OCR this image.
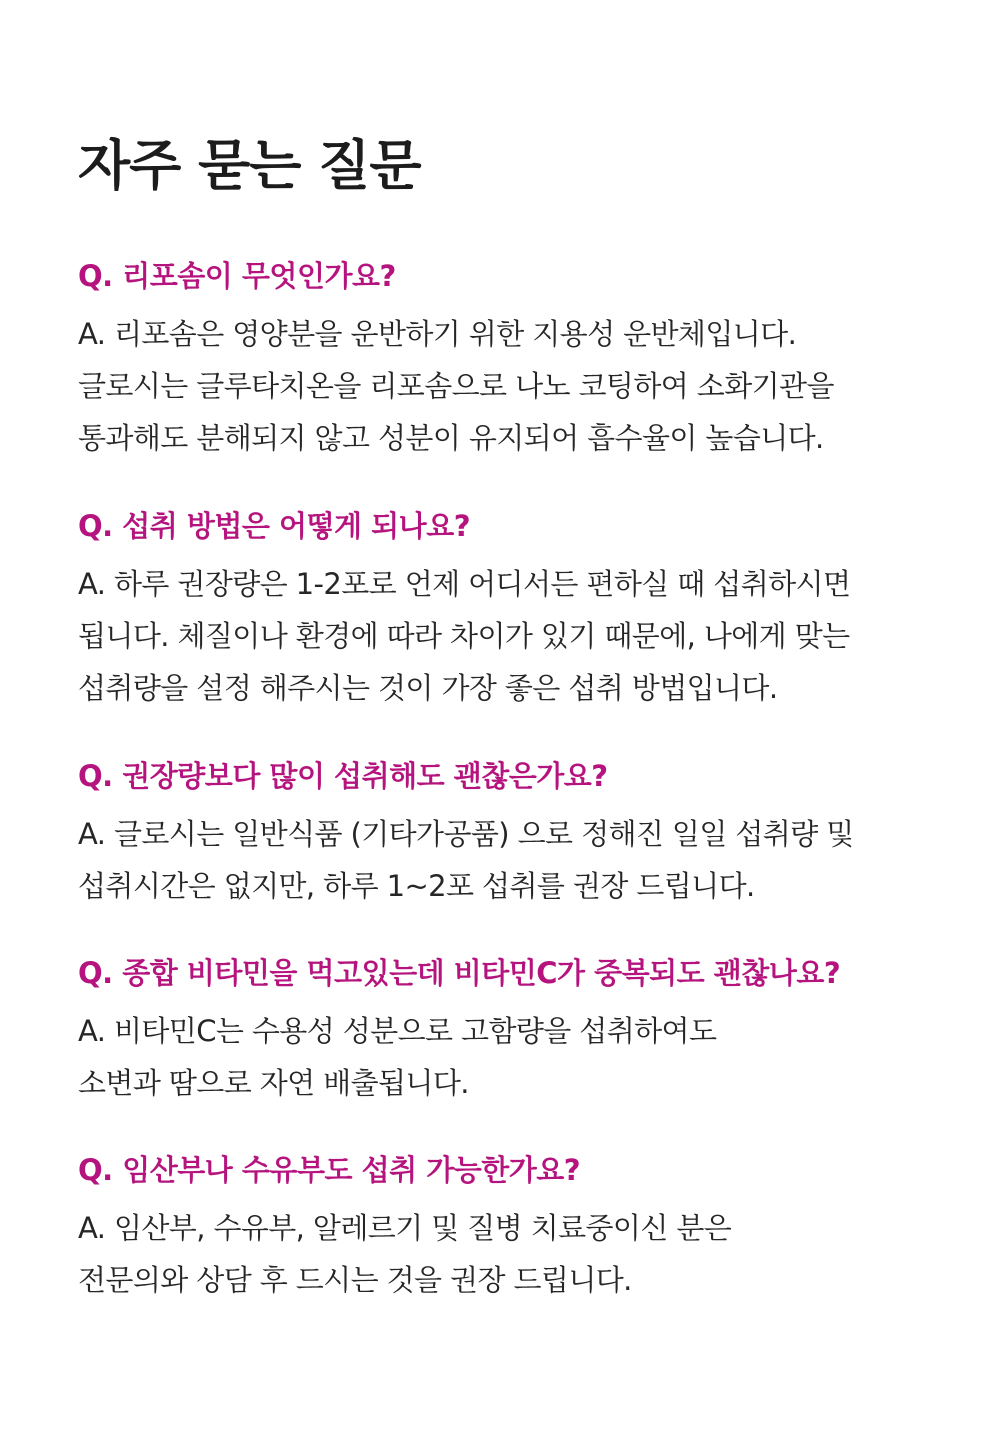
자주 묻는 질문
Q. 리포솜이 무엇인가요?

A. 리포솜은 영양분을 운반하기 위한 지용성 운반체입니다.
글로시는 글루타치온을 리포솜으로 나노 코팅하여 소화기관을
통과해도 분해되지 않고 성분이 유지되어 흡수율이 높습니다.

Q. 섭취 방법은 어떻게 되나요?

A. 하루 권장량은 1-2포로 언제 어디서든 편하실 때 섭취하시면
됩니다. 체질이나 환경에 따라 차이가 있기 때문에, 나에게 맞는
섭취량을 설정 해주시는 것이 가장 좋은 섭취 방법입니다.

Q. 권장량보다 많이 섭취해도 괜찮은가요?

A. 글로시는 일반식품 (기타가공품) 으로 정해진 일일 섭취량 및
섭취시간은 없지만, 하루 1~2포 섭취를 권장 드립니다.

Q. 종합 비타민을 먹고있는데 비타민C가 중복되도 괜찮나요?

A. 비타민C는 수용성 성분으로 고함량을 섭취하여도
소변과 땀으로 자연 배출됩니다.

Q. 임산부나 수유부도 섭취 가능한가요?

A. 임산부, 수유부, 알레르기 및 질병 치료중이신 분은
전문의와 상담 후 드시는 것을 권장 드립니다.
